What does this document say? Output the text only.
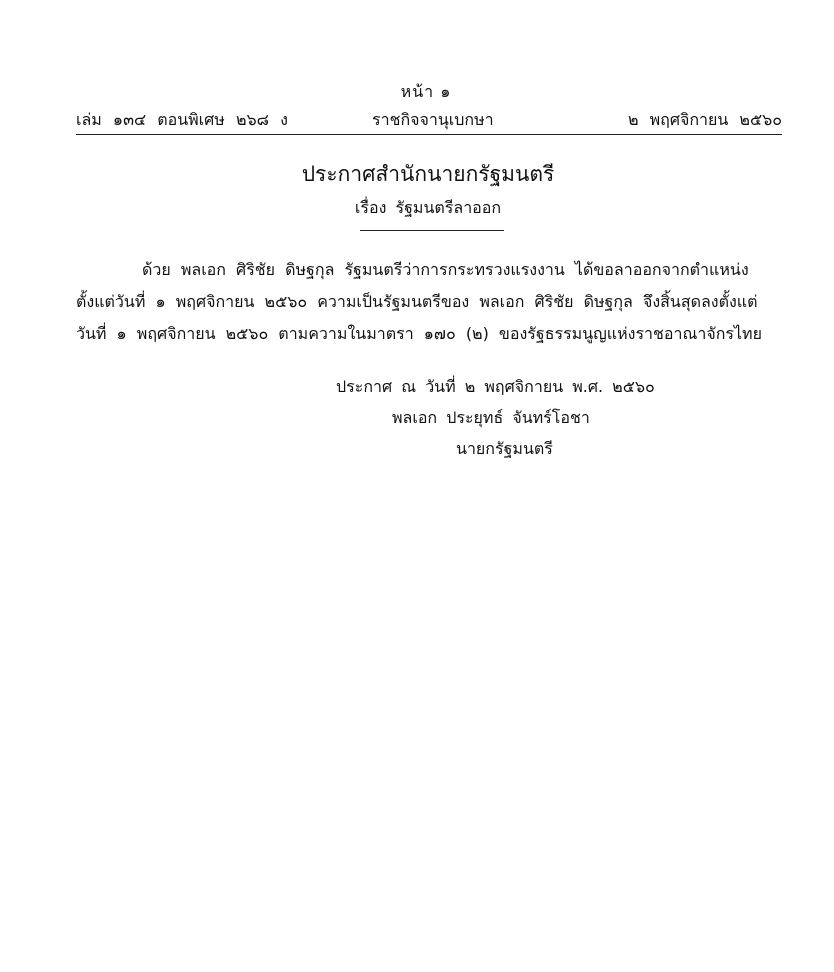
หน้า ๑
เล่ม ๑๓๔ ตอนพิเศษ ๒๖๘ ง	ราชกิจจานุเบกษา	๒ พฤศจิกายน ๒๕๖๐
ประกาศสำนักนายกรัฐมนตรี
เรื่อง รัฐมนตรีลาออก
ด้วย พลเอก ศิริชัย ดิษฐกุล รัฐมนตรีว่าการกระทรวงแรงงาน ได้ขอลาออกจากตำแหน่ง
ตั้งแต่วันที่ ๑ พฤศจิกายน ๒๕๖๐ ความเป็นรัฐมนตรีของ พลเอก ศิริชัย ดิษฐกุล จึงสิ้นสุดลงตั้งแต่
วันที่ ๑ พฤศจิกายน ๒๕๖๐ ตามความในมาตรา ๑๗๐ (๒) ของรัฐธรรมนูญแห่งราชอาณาจักรไทย
ประกาศ ณ วันที่ ๒ พฤศจิกายน พ.ศ. ๒๕๖๐
พลเอก ประยุทธ์ จันทร์โอชา
นายกรัฐมนตรี
